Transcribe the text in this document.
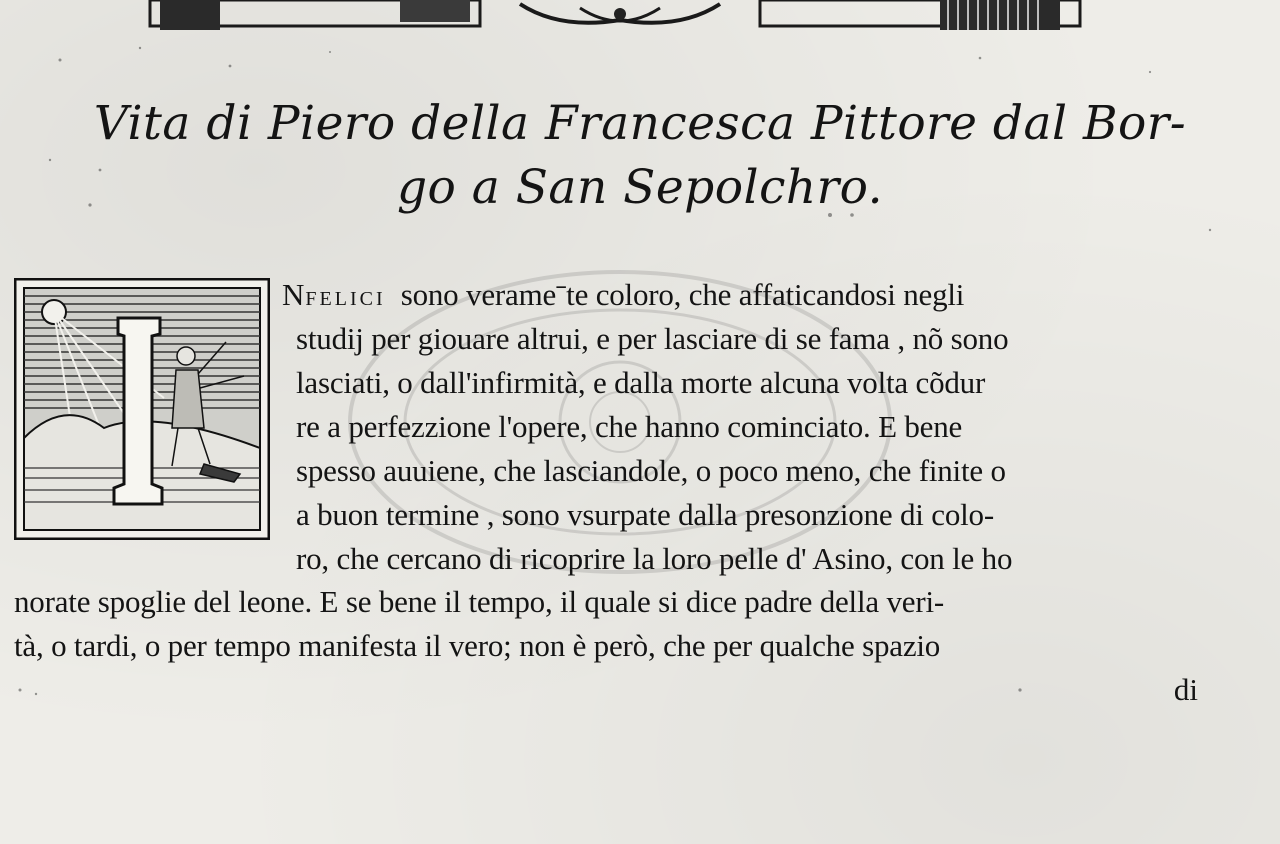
Vita di Piero della Francesca Pittore dal Bor-
go a San Sepolchro.

NFELICI sono verameˉte coloro, che affaticandosi negli

studij per giouare altrui, e per lasciare di se fama , nõ sono

lasciati, o dall'infirmità, e dalla morte alcuna volta cõdur

re a perfezzione l'opere, che hanno cominciato. E bene

spesso auuiene, che lasciandole, o poco meno, che finite o

a buon termine , sono vsurpate dalla presonzione di colo-

ro, che cercano di ricoprire la loro pelle d' Asino, con le ho

norate spoglie del leone. E se bene il tempo, il quale si dice padre della veri-

tà, o tardi, o per tempo manifesta il vero; non è però, che per qualche spazio

di
